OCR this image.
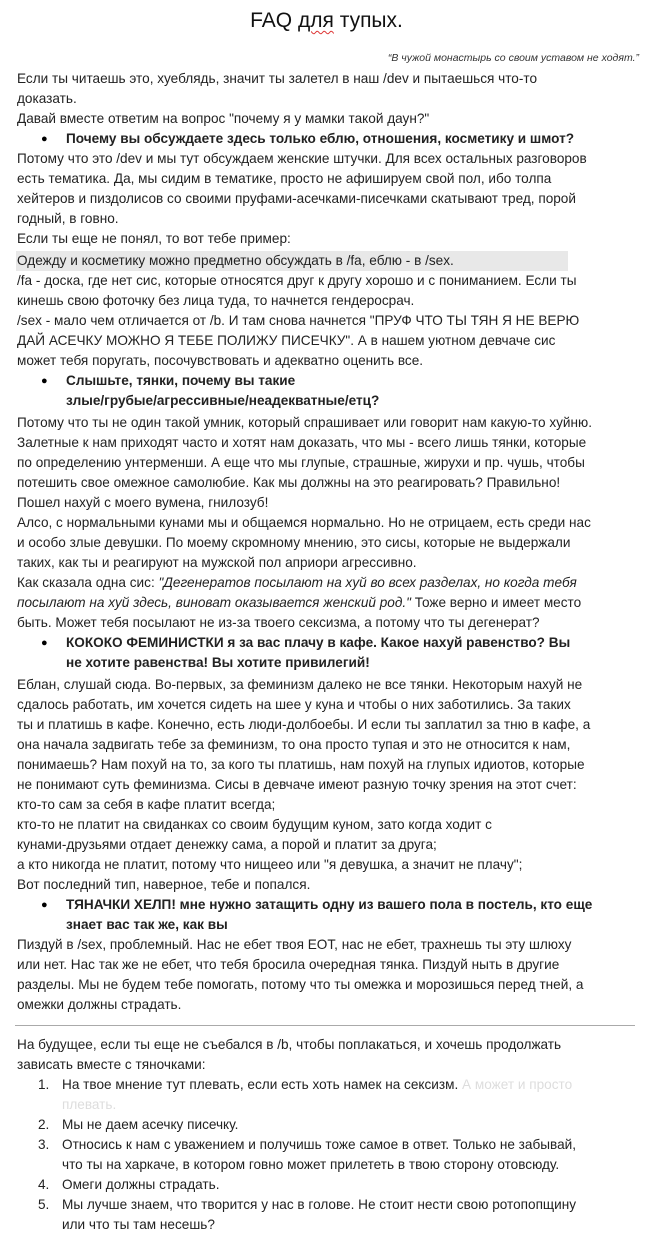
FAQ для тупых.
“В чужой монастырь со своим уставом не ходят.”
Если ты читаешь это, хуеблядь, значит ты залетел в наш /dev и пытаешься что-то
доказать.
Давай вместе ответим на вопрос "почему я у мамки такой даун?"
Почему вы обсуждаете здесь только еблю, отношения, косметику и шмот?
Потому что это /dev и мы тут обсуждаем женские штучки. Для всех остальных разговоров
есть тематика. Да, мы сидим в тематике, просто не афишируем свой пол, ибо толпа
хейтеров и пиздолисов со своими пруфами-асечками-писечками скатывают тред, порой
годный, в говно.
Если ты еще не понял, то вот тебе пример:
Одежду и косметику можно предметно обсуждать в /fa, еблю - в /sex.
/fa - доска, где нет сис, которые относятся друг к другу хорошо и с пониманием. Если ты
кинешь свою фоточку без лица туда, то начнется гендеросрач.
/sex - мало чем отличается от /b. И там снова начнется "ПРУФ ЧТО ТЫ ТЯН Я НЕ ВЕРЮ
ДАЙ АСЕЧКУ МОЖНО Я ТЕБЕ ПОЛИЖУ ПИСЕЧКУ". А в нашем уютном девчаче сис
может тебя поругать, посочувствовать и адекватно оценить все.
Слышьте, тянки, почему вы такие
злые/грубые/агрессивные/неадекватные/етц?
Потому что ты не один такой умник, который спрашивает или говорит нам какую-то хуйню.
Залетные к нам приходят часто и хотят нам доказать, что мы - всего лишь тянки, которые
по определению унтерменши. А еще что мы глупые, страшные, жирухи и пр. чушь, чтобы
потешить свое омежное самолюбие. Как мы должны на это реагировать? Правильно!
Пошел нахуй с моего вумена, гнилозуб!
Алсо, с нормальными кунами мы и общаемся нормально. Но не отрицаем, есть среди нас
и особо злые девушки. По моему скромному мнению, это сисы, которые не выдержали
таких, как ты и реагируют на мужской пол априори агрессивно.
Как сказала одна сис: "Дегенератов посылают на хуй во всех разделах, но когда тебя
посылают на хуй здесь, виноват оказывается женский род." Тоже верно и имеет место
быть. Может тебя посылают не из-за твоего сексизма, а потому что ты дегенерат?
КОКОКО ФЕМИНИСТКИ я за вас плачу в кафе. Какое нахуй равенство? Вы
не хотите равенства! Вы хотите привилегий!
Еблан, слушай сюда. Во-первых, за феминизм далеко не все тянки. Некоторым нахуй не
сдалось работать, им хочется сидеть на шее у куна и чтобы о них заботились. За таких
ты и платишь в кафе. Конечно, есть люди-долбоебы. И если ты заплатил за тню в кафе, а
она начала задвигать тебе за феминизм, то она просто тупая и это не относится к нам,
понимаешь? Нам похуй на то, за кого ты платишь, нам похуй на глупых идиотов, которые
не понимают суть феминизма. Сисы в девчаче имеют разную точку зрения на этот счет:
кто-то сам за себя в кафе платит всегда;
кто-то не платит на свиданках со своим будущим куном, зато когда ходит с
кунами-друзьями отдает денежку сама, а порой и платит за друга;
а кто никогда не платит, потому что нищеео или "я девушка, а значит не плачу";
Вот последний тип, наверное, тебе и попался.
ТЯНАЧКИ ХЕЛП! мне нужно затащить одну из вашего пола в постель, кто еще
знает вас так же, как вы
Пиздуй в /sex, проблемный. Нас не ебет твоя ЕОТ, нас не ебет, трахнешь ты эту шлюху
или нет. Нас так же не ебет, что тебя бросила очередная тянка. Пиздуй ныть в другие
разделы. Мы не будем тебе помогать, потому что ты омежка и морозишься перед тней, а
омежки должны страдать.
На будущее, если ты еще не съебался в /b, чтобы поплакаться, и хочешь продолжать
зависать вместе с тяночками:
●
●
●
●
1. На твое мнение тут плевать, если есть хоть намек на сексизм. А может и просто
плевать.
2. Мы не даем асечку писечку.
3. Относись к нам с уважением и получишь тоже самое в ответ. Только не забывай,
что ты на харкаче, в котором говно может прилететь в твою сторону отовсюду.
4. Омеги должны страдать.
5. Мы лучше знаем, что творится у нас в голове. Не стоит нести свою ротопопщину
или что ты там несешь?
